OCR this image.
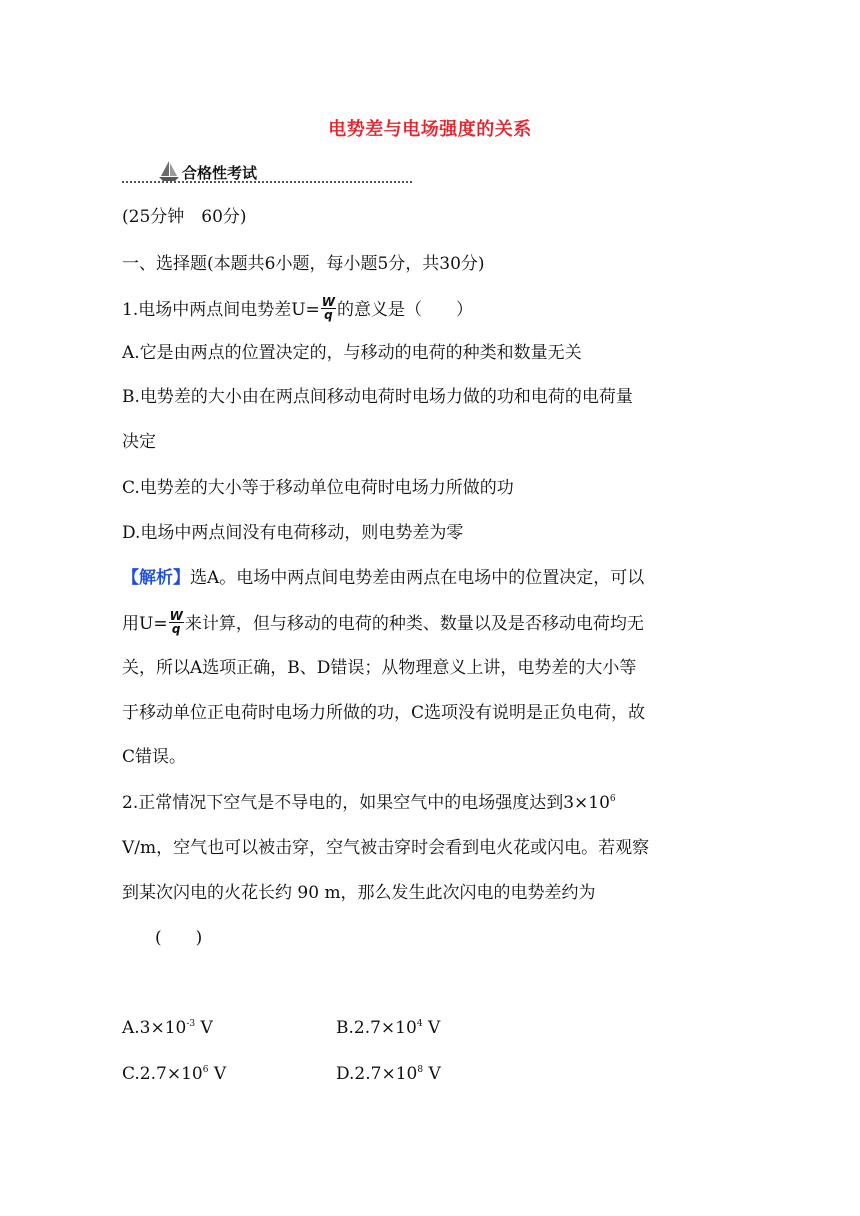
电势差与电场强度的关系
合格性考试
(25分钟　60分)
一、选择题(本题共6小题，每小题5分，共30分)
1.电场中两点间电势差$U= \frac{W}{q}$ 的意义是（　　）
A.它是由两点的位置决定的，与移动的电荷的种类和数量无关
B.电势差的大小由在两点间移动电荷时电场力做的功和电荷的电荷量
决定
C.电势差的大小等于移动单位电荷时电场力所做的功
D.电场中两点间没有电荷移动，则电势差为零
【解析】选A。电场中两点间电势差由两点在电场中的位置决定，可以
用$U= \frac{W}{q}$ 来计算，但与移动的电荷的种类、数量以及是否移动电荷均无
关，所以A选项正确，B、D错误；从物理意义上讲，电势差的大小等
于移动单位正电荷时电场力所做的功，C选项没有说明是正负电荷，故
C错误。
2.正常情况下空气是不导电的，如果空气中的电场强度达到$3\times 10^6$
V/m，空气也可以被击穿，空气被击穿时会看到电火花或闪电。若观察
到某次闪电的火花长约 90 m，那么发生此次闪电的电势差约为
(　　)
$A.3\times 10^{-3}$ V	$B.2.7\times 10^4$ V
$C.2.7\times 10^6$ V	$D.2.7\times 10^8$ V
